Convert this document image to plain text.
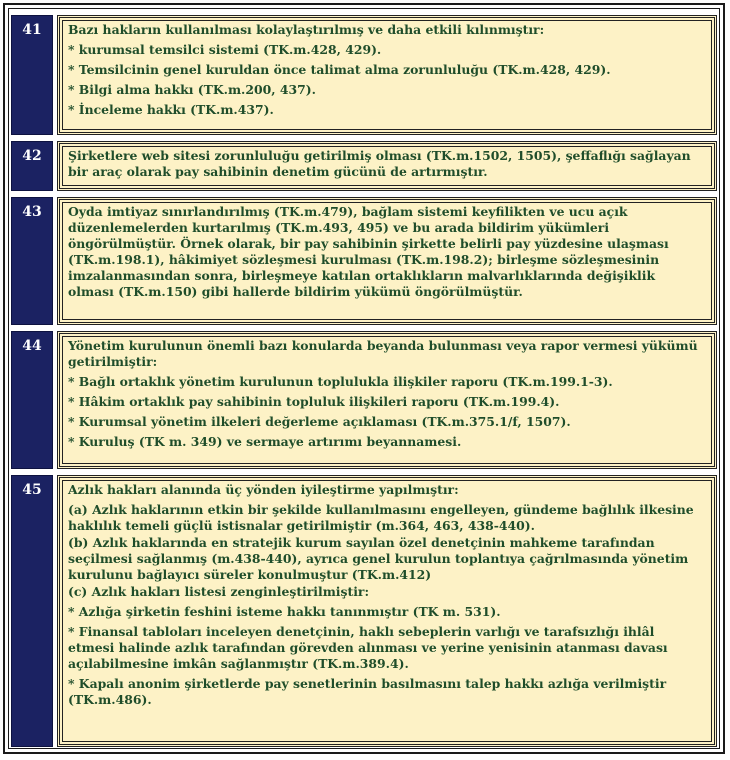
41	Bazı hakların kullanılması kolaylaştırılmış ve daha etkili kılınmıştır:
* kurumsal temsilci sistemi (TK.m.428, 429).
* Temsilcinin genel kuruldan önce talimat alma zorunluluğu (TK.m.428, 429).
* Bilgi alma hakkı (TK.m.200, 437).
* İnceleme hakkı (TK.m.437).
42	Şirketlere web sitesi zorunluluğu getirilmiş olması (TK.m.1502, 1505), şeffaflığı sağlayan bir araç olarak pay sahibinin denetim gücünü de artırmıştır.
43	Oyda imtiyaz sınırlandırılmış (TK.m.479), bağlam sistemi keyfilikten ve ucu açık düzenlemelerden kurtarılmış (TK.m.493, 495) ve bu arada bildirim yükümleri öngörülmüştür. Örnek olarak, bir pay sahibinin şirkette belirli pay yüzdesine ulaşması (TK.m.198.1), hâkimiyet sözleşmesi kurulması (TK.m.198.2); birleşme sözleşmesinin imzalanmasından sonra, birleşmeye katılan ortaklıkların malvarlıklarında değişiklik olması (TK.m.150) gibi hallerde bildirim yükümü öngörülmüştür.
44	Yönetim kurulunun önemli bazı konularda beyanda bulunması veya rapor vermesi yükümü getirilmiştir:
* Bağlı ortaklık yönetim kurulunun toplulukla ilişkiler raporu (TK.m.199.1-3).
* Hâkim ortaklık pay sahibinin topluluk ilişkileri raporu (TK.m.199.4).
* Kurumsal yönetim ilkeleri değerleme açıklaması (TK.m.375.1/f, 1507).
* Kuruluş (TK m. 349) ve sermaye artırımı beyannamesi.
45	Azlık hakları alanında üç yönden iyileştirme yapılmıştır:
(a) Azlık haklarının etkin bir şekilde kullanılmasını engelleyen, gündeme bağlılık ilkesine haklılık temeli güçlü istisnalar getirilmiştir (m.364, 463, 438-440).
(b) Azlık haklarında en stratejik kurum sayılan özel denetçinin mahkeme tarafından seçilmesi sağlanmış (m.438-440), ayrıca genel kurulun toplantıya çağrılmasında yönetim kurulunu bağlayıcı süreler konulmuştur (TK.m.412)
(c) Azlık hakları listesi zenginleştirilmiştir:
* Azlığa şirketin feshini isteme hakkı tanınmıştır (TK m. 531).
* Finansal tabloları inceleyen denetçinin, haklı sebeplerin varlığı ve tarafsızlığı ihlâl etmesi halinde azlık tarafından görevden alınması ve yerine yenisinin atanması davası açılabilmesine imkân sağlanmıştır (TK.m.389.4).
* Kapalı anonim şirketlerde pay senetlerinin basılmasını talep hakkı azlığa verilmiştir (TK.m.486).
